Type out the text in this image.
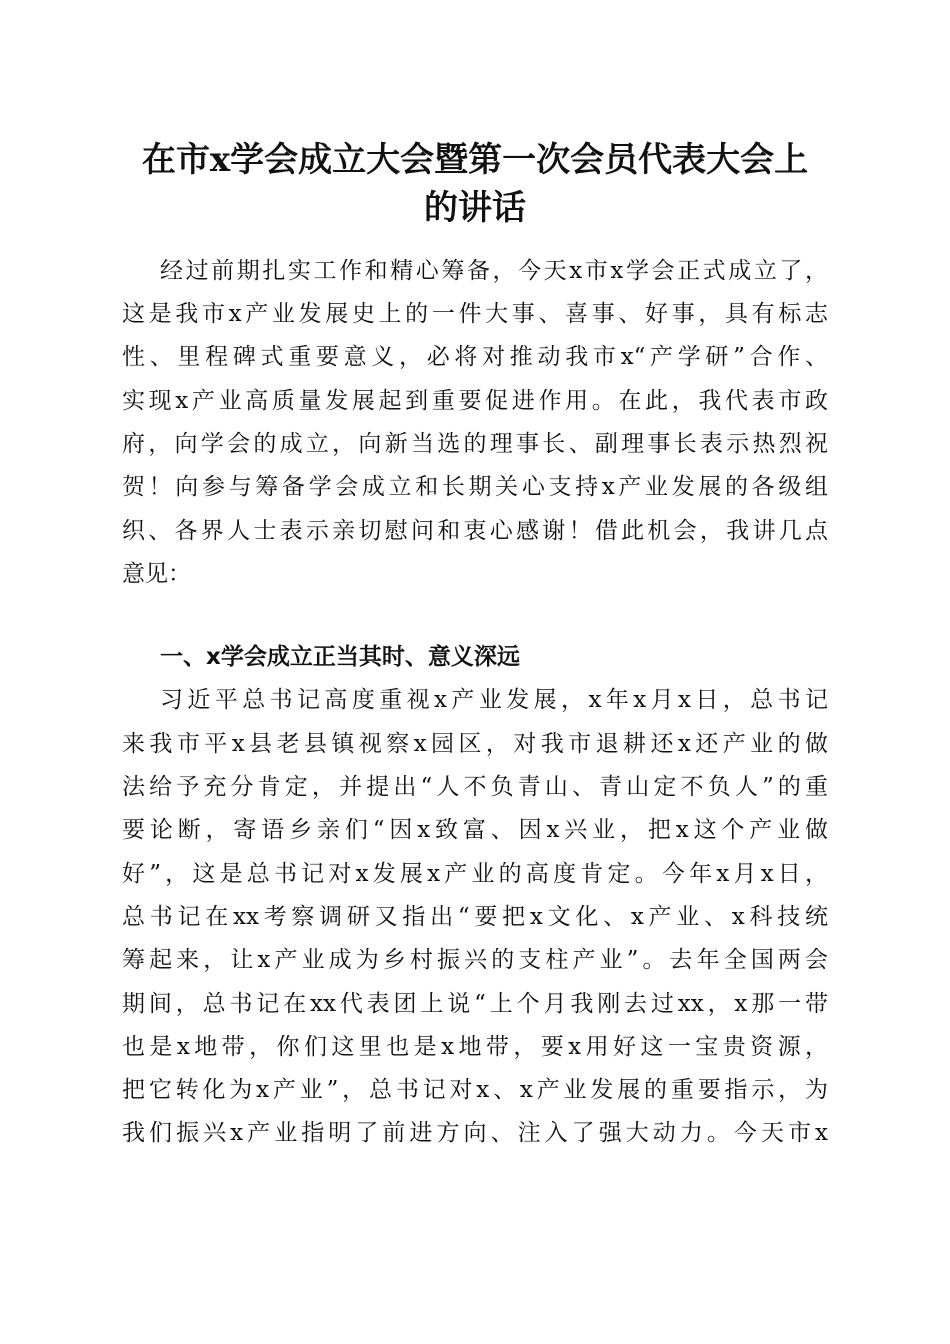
在市x学会成立大会暨第一次会员代表大会上
的讲话
经过前期扎实工作和精心筹备，今天x市x学会正式成立了，
这是我市x产业发展史上的一件大事、喜事、好事，具有标志
性、里程碑式重要意义，必将对推动我市x“产学研”合作、
实现x产业高质量发展起到重要促进作用。在此，我代表市政
府，向学会的成立，向新当选的理事长、副理事长表示热烈祝
贺！向参与筹备学会成立和长期关心支持x产业发展的各级组
织、各界人士表示亲切慰问和衷心感谢！借此机会，我讲几点
意见：
一、x学会成立正当其时、意义深远
习近平总书记高度重视x产业发展，x年x月x日，总书记
来我市平x县老县镇视察x园区，对我市退耕还x还产业的做
法给予充分肯定，并提出“人不负青山、青山定不负人”的重
要论断，寄语乡亲们“因x致富、因x兴业，把x这个产业做
好”，这是总书记对x发展x产业的高度肯定。今年x月x日，
总书记在xx考察调研又指出“要把x文化、x产业、x科技统
筹起来，让x产业成为乡村振兴的支柱产业”。去年全国两会
期间，总书记在xx代表团上说“上个月我刚去过xx，x那一带
也是x地带，你们这里也是x地带，要x用好这一宝贵资源，
把它转化为x产业”，总书记对x、x产业发展的重要指示，为
我们振兴x产业指明了前进方向、注入了强大动力。今天市x
